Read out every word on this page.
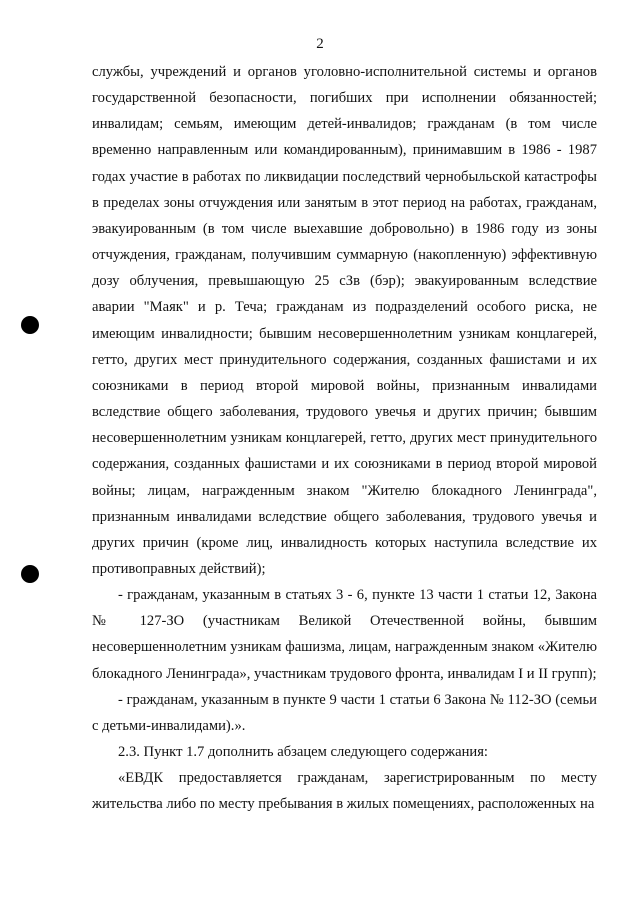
2

службы, учреждений и органов уголовно-исполнительной системы и органов государственной безопасности, погибших при исполнении обязанностей; инвалидам; семьям, имеющим детей-инвалидов; гражданам (в том числе временно направленным или командированным), принимавшим в 1986 - 1987 годах участие в работах по ликвидации последствий чернобыльской катастрофы в пределах зоны отчуждения или занятым в этот период на работах, гражданам, эвакуированным (в том числе выехавшие добровольно) в 1986 году из зоны отчуждения, гражданам, получившим суммарную (накопленную) эффективную дозу облучения, превышающую 25 сЗв (бэр); эвакуированным вследствие аварии "Маяк" и р. Теча; гражданам из подразделений особого риска, не имеющим инвалидности; бывшим несовершеннолетним узникам концлагерей, гетто, других мест принудительного содержания, созданных фашистами и их союзниками в период второй мировой войны, признанным инвалидами вследствие общего заболевания, трудового увечья и других причин; бывшим несовершеннолетним узникам концлагерей, гетто, других мест принудительного содержания, созданных фашистами и их союзниками в период второй мировой войны; лицам, награжденным знаком "Жителю блокадного Ленинграда", признанным инвалидами вследствие общего заболевания, трудового увечья и других причин (кроме лиц, инвалидность которых наступила вследствие их противоправных действий);

- гражданам, указанным в статьях 3 - 6, пункте 13 части 1 статьи 12, Закона № 127-ЗО (участникам Великой Отечественной войны, бывшим несовершеннолетним узникам фашизма, лицам, награжденным знаком «Жителю блокадного Ленинграда», участникам трудового фронта, инвалидам I и II групп);

- гражданам, указанным в пункте 9 части 1 статьи 6 Закона № 112-ЗО (семьи с детьми-инвалидами).».

2.3. Пункт 1.7 дополнить абзацем следующего содержания:

«ЕВДК предоставляется гражданам, зарегистрированным по месту жительства либо по месту пребывания в жилых помещениях, расположенных на
